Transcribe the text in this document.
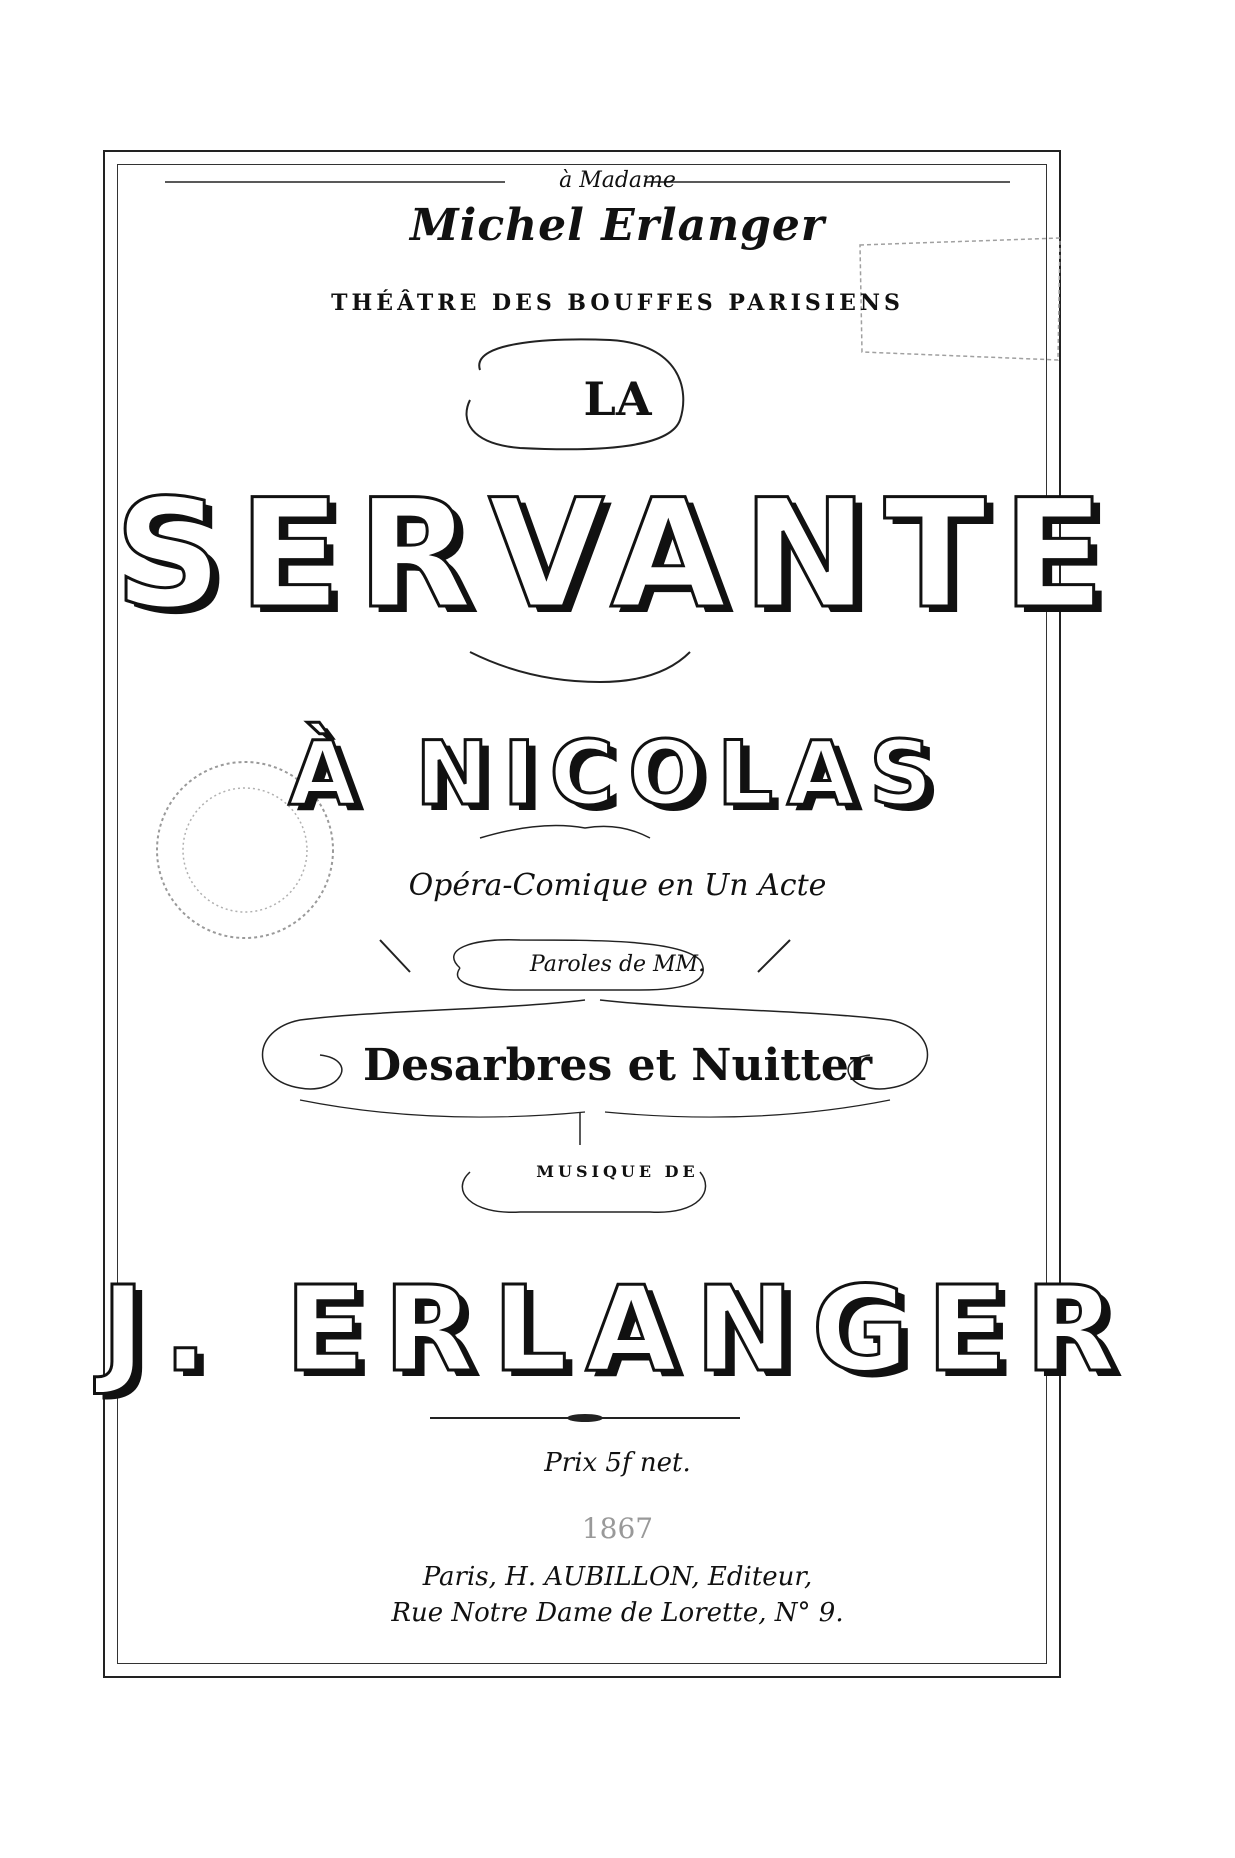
à Madame
Michel Erlanger
THÉÂTRE DES BOUFFES PARISIENS
LA
SERVANTE
À NICOLAS
Opéra-Comique en Un Acte
Paroles de MM.
Desarbres et Nuitter
MUSIQUE DE
J. ERLANGER
Prix 5f net.
1867
Paris, H. AUBILLON, Editeur,
Rue Notre Dame de Lorette, N° 9.
